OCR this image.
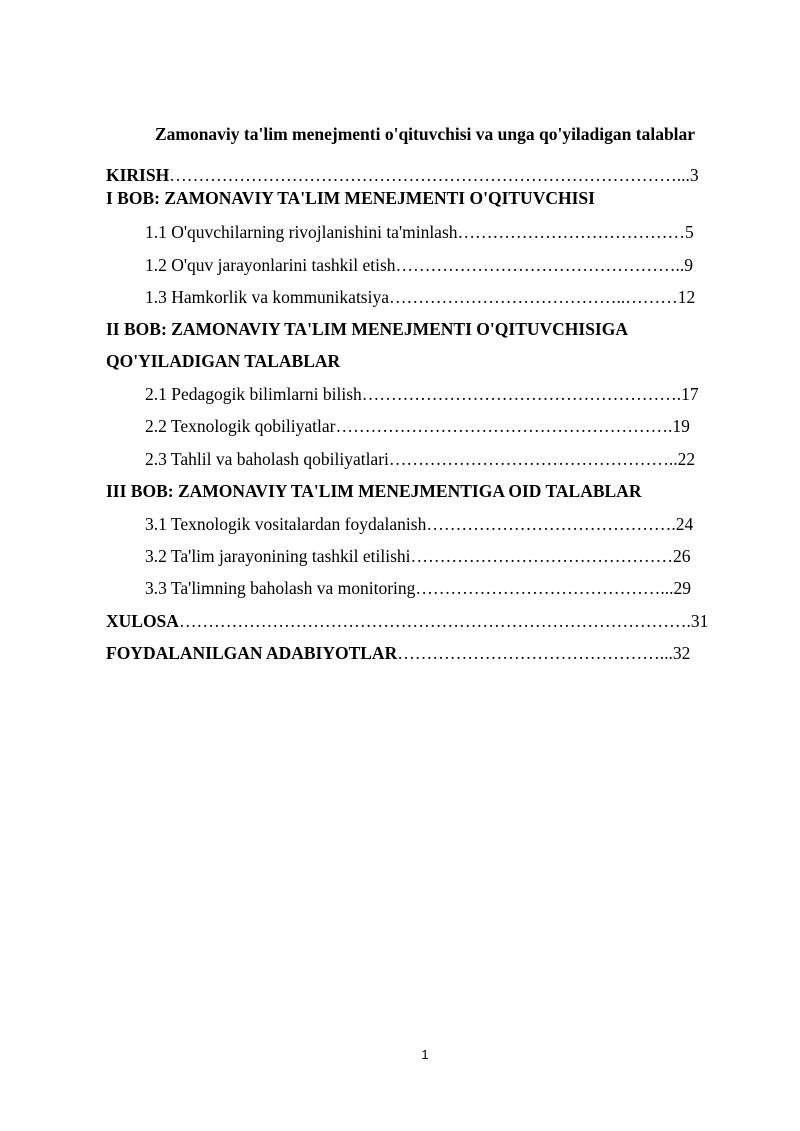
Zamonaviy ta'lim menejmenti o'qituvchisi va unga qo'yiladigan talablar
KIRISH……………………………………………………………………………...3
I BOB: ZAMONAVIY TA'LIM MENEJMENTI O'QITUVCHISI
1.1 O'quvchilarning rivojlanishini ta'minlash…………………………………5
1.2 O'quv jarayonlarini tashkil etish…………………………………………..9
1.3 Hamkorlik va kommunikatsiya…………………………………..………12
II BOB: ZAMONAVIY TA'LIM MENEJMENTI O'QITUVCHISIGA
QO'YILADIGAN TALABLAR
2.1 Pedagogik bilimlarni bilish……………………………………………….17
2.2 Texnologik qobiliyatlar………………………………………………….19
2.3 Tahlil va baholash qobiliyatlari…………………………………………..22
III BOB: ZAMONAVIY TA'LIM MENEJMENTIGA OID TALABLAR
3.1 Texnologik vositalardan foydalanish…………………………………….24
3.2 Ta'lim jarayonining tashkil etilishi………………………………………26
3.3 Ta'limning baholash va monitoring……………………………………...29
XULOSA…………………………………………………………………………….31
FOYDALANILGAN ADABIYOTLAR………………………………………...32
1
